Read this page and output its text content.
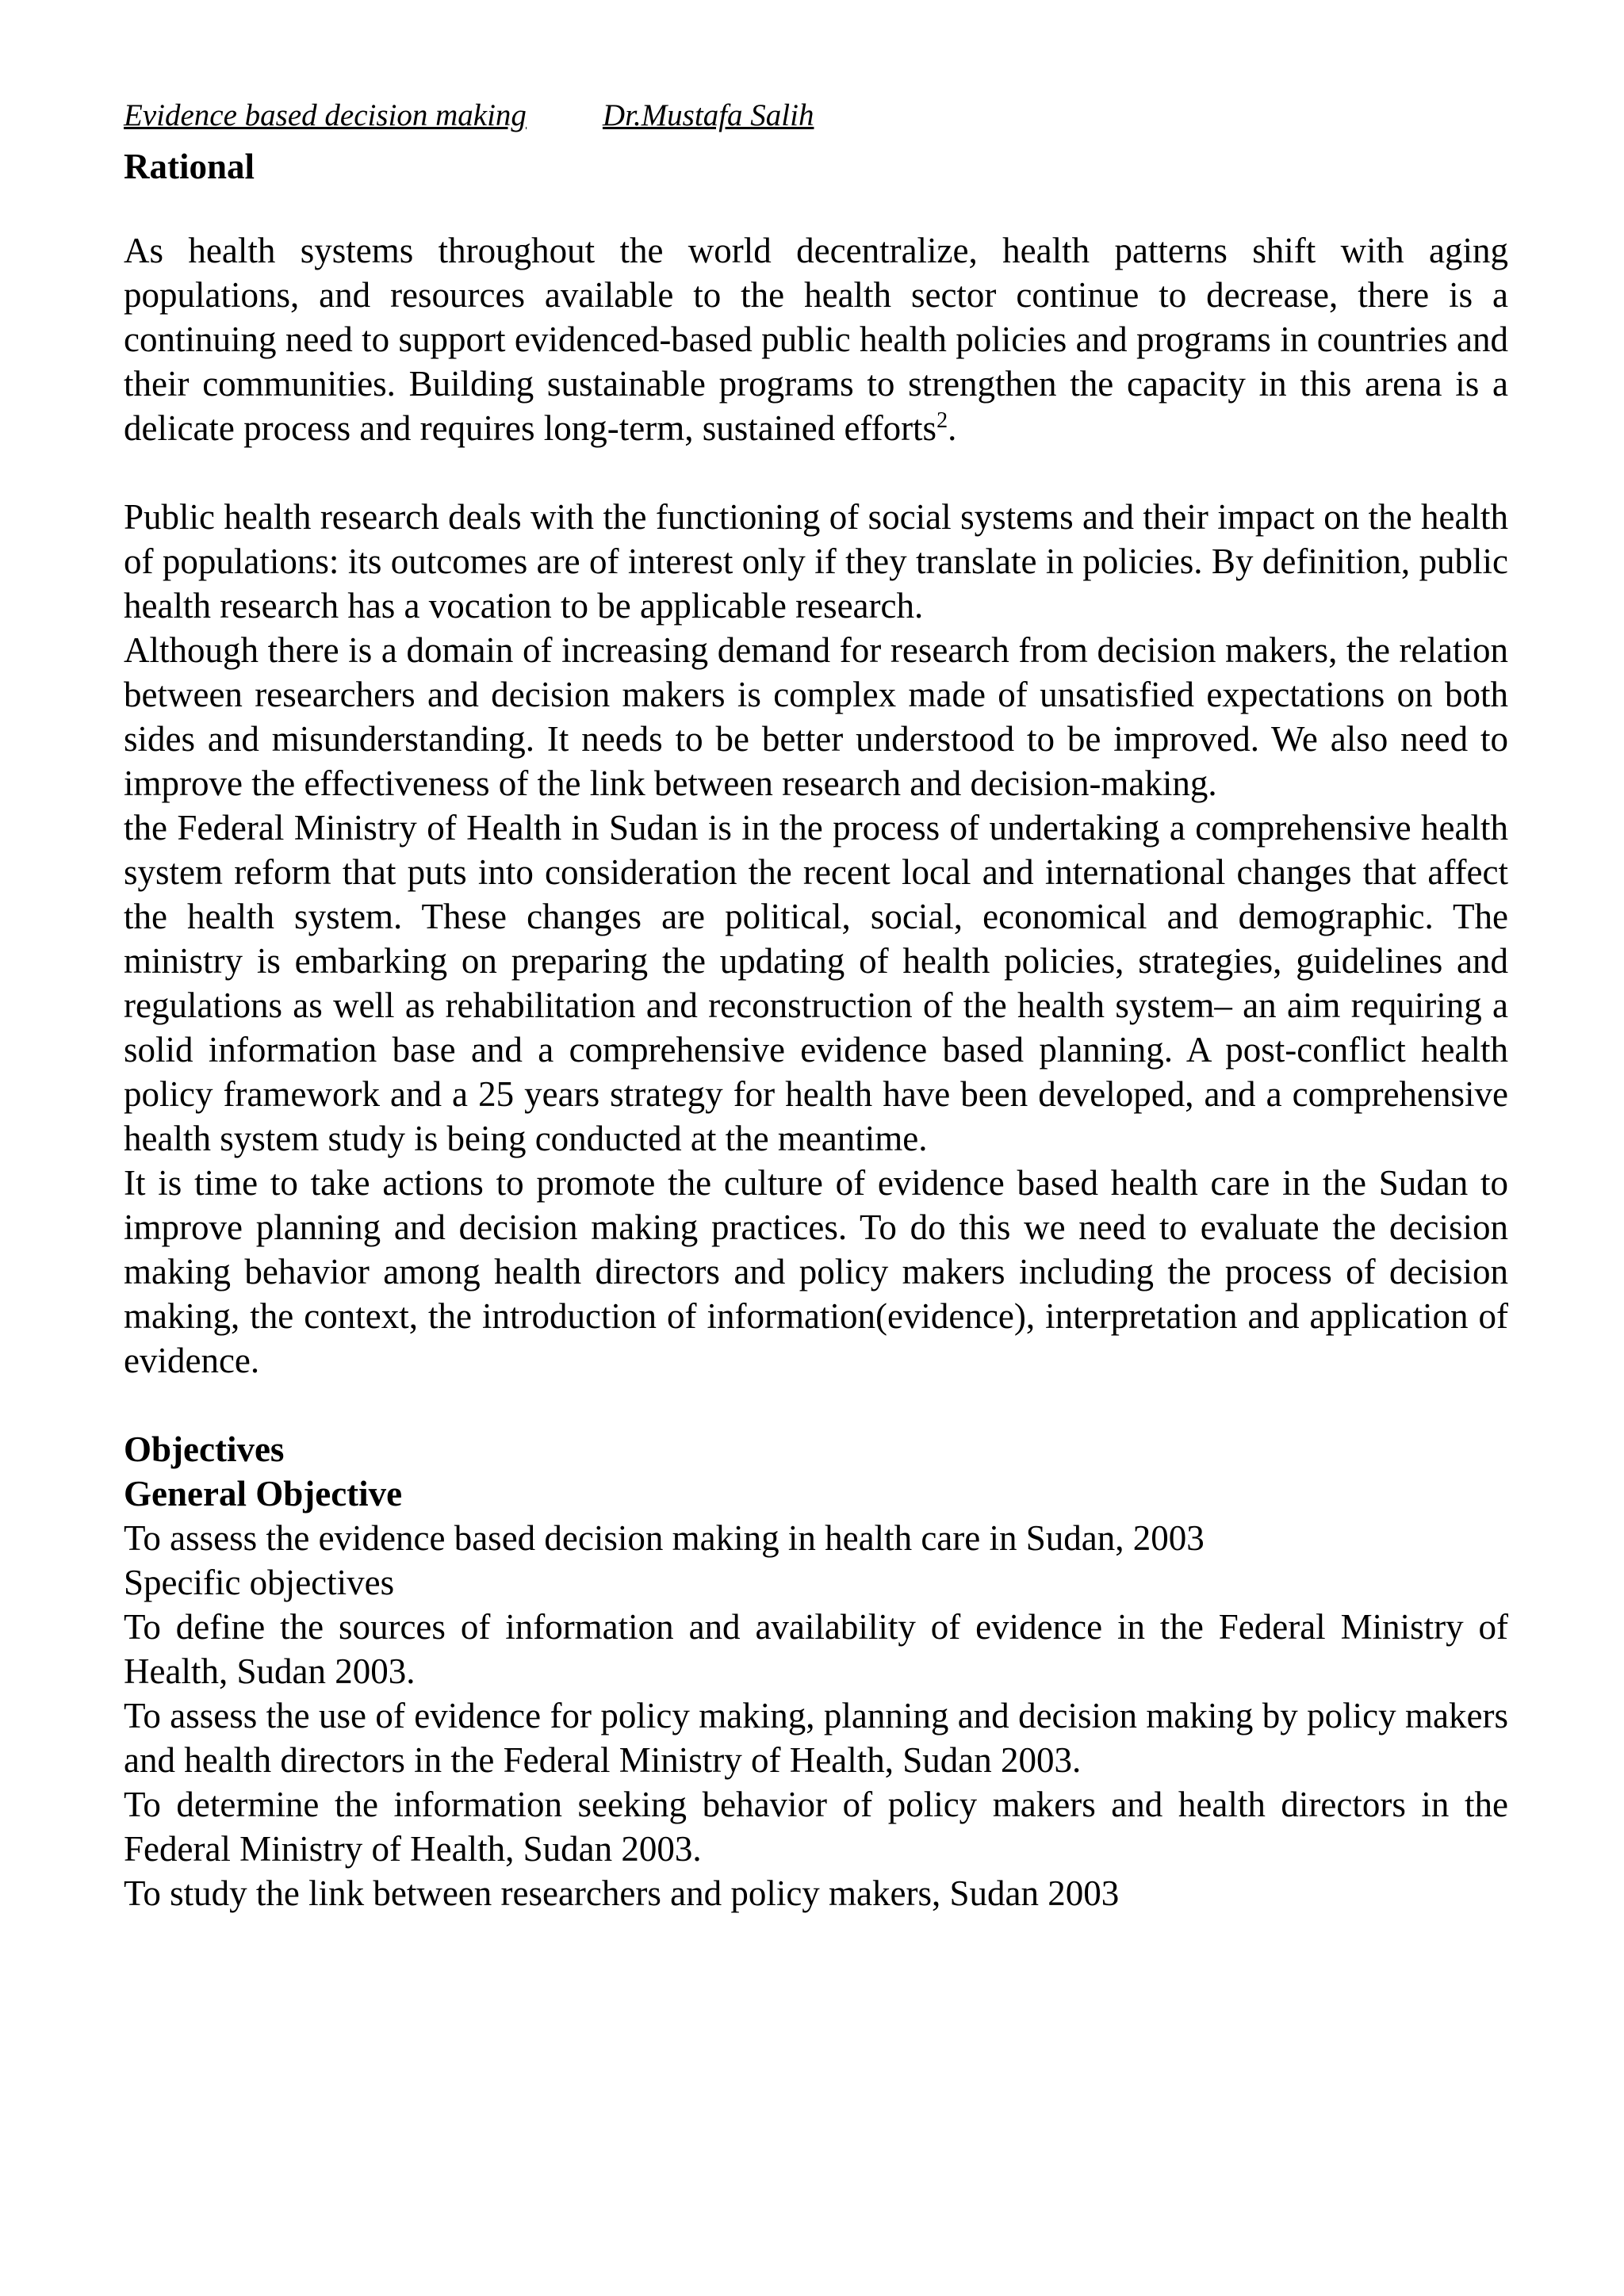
Evidence based decision making Dr.Mustafa Salih
Rational

As health systems throughout the world decentralize, health patterns shift with aging populations, and resources available to the health sector continue to decrease, there is a continuing need to support evidenced-based public health policies and programs in countries and their communities. Building sustainable programs to strengthen the capacity in this arena is a delicate process and requires long-term, sustained efforts$^2$.

Public health research deals with the functioning of social systems and their impact on the health of populations: its outcomes are of interest only if they translate in policies. By definition, public health research has a vocation to be applicable research.

Although there is a domain of increasing demand for research from decision makers, the relation between researchers and decision makers is complex made of unsatisfied expectations on both sides and misunderstanding. It needs to be better understood to be improved. We also need to improve the effectiveness of the link between research and decision-making.

the Federal Ministry of Health in Sudan is in the process of undertaking a comprehensive health system reform that puts into consideration the recent local and international changes that affect the health system. These changes are political, social, economical and demographic. The ministry is embarking on preparing the updating of health policies, strategies, guidelines and regulations as well as rehabilitation and reconstruction of the health system– an aim requiring a solid information base and a comprehensive evidence based planning. A post-conflict health policy framework and a 25 years strategy for health have been developed, and a comprehensive health system study is being conducted at the meantime.

It is time to take actions to promote the culture of evidence based health care in the Sudan to improve planning and decision making practices. To do this we need to evaluate the decision making behavior among health directors and policy makers including the process of decision making, the context, the introduction of information(evidence), interpretation and application of evidence.

Objectives
General Objective
To assess the evidence based decision making in health care in Sudan, 2003
Specific objectives
To define the sources of information and availability of evidence in the Federal Ministry of Health, Sudan 2003.
To assess the use of evidence for policy making, planning and decision making by policy makers and health directors in the Federal Ministry of Health, Sudan 2003.
To determine the information seeking behavior of policy makers and health directors in the Federal Ministry of Health, Sudan 2003.
To study the link between researchers and policy makers, Sudan 2003
